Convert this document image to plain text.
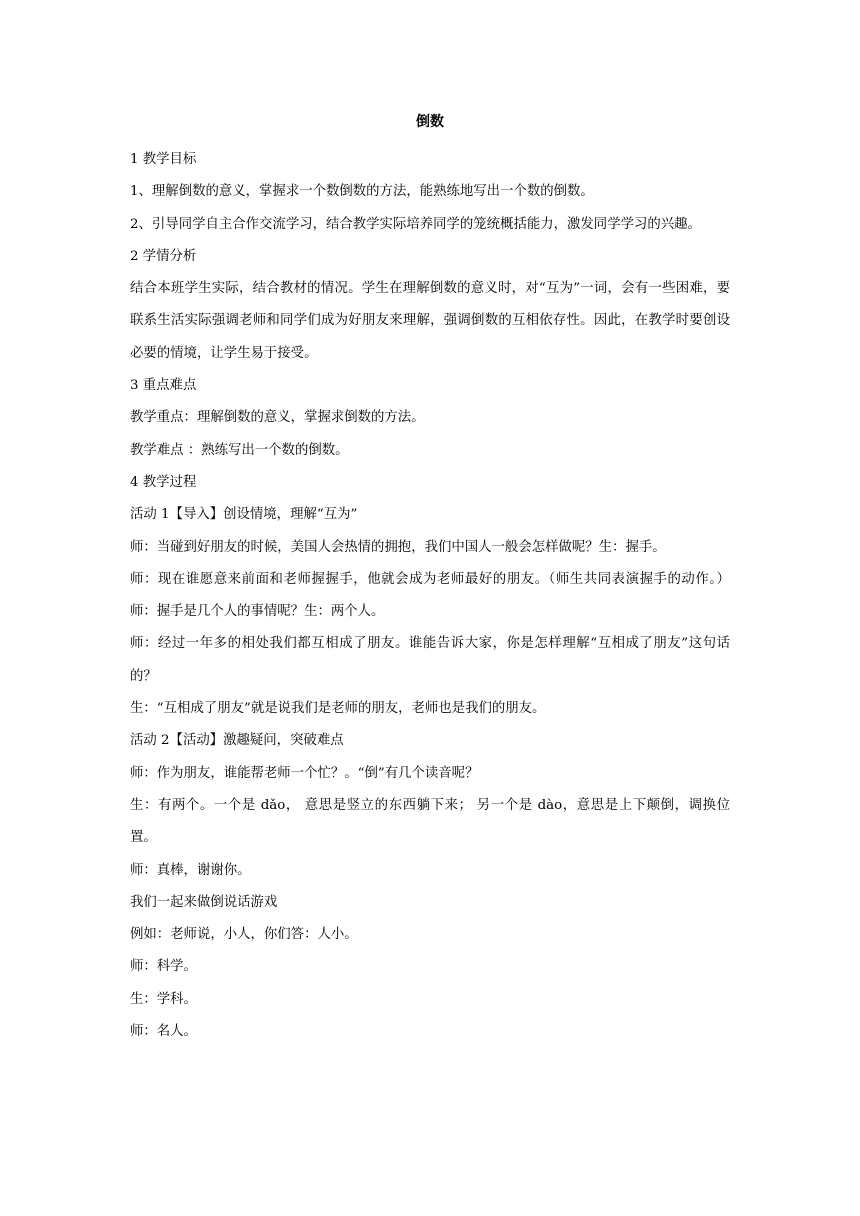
倒数

1 教学目标

1、理解倒数的意义，掌握求一个数倒数的方法，能熟练地写出一个数的倒数。

2、引导同学自主合作交流学习，结合教学实际培养同学的笼统概括能力，激发同学学习的兴趣。

2 学情分析

结合本班学生实际，结合教材的情况。学生在理解倒数的意义时，对“互为”一词，会有一些困难，要联系生活实际强调老师和同学们成为好朋友来理解，强调倒数的互相依存性。因此，在教学时要创设必要的情境，让学生易于接受。

3 重点难点

教学重点：理解倒数的意义，掌握求倒数的方法。

教学难点 ：熟练写出一个数的倒数。

4 教学过程

活动 1【导入】创设情境，理解“互为”

师：当碰到好朋友的时候，美国人会热情的拥抱，我们中国人一般会怎样做呢？生：握手。

师：现在谁愿意来前面和老师握握手，他就会成为老师最好的朋友。（师生共同表演握手的动作。）师：握手是几个人的事情呢？生：两个人。

师：经过一年多的相处我们都互相成了朋友。谁能告诉大家，你是怎样理解“互相成了朋友”这句话的？

生：“互相成了朋友”就是说我们是老师的朋友，老师也是我们的朋友。

活动 2【活动】激趣疑问，突破难点

师：作为朋友，谁能帮老师一个忙？。“倒”有几个读音呢？

生：有两个。一个是 dǎo， 意思是竖立的东西躺下来； 另一个是 dào，意思是上下颠倒，调换位置。

师：真棒，谢谢你。

我们一起来做倒说话游戏

例如：老师说，小人，你们答：人小。

师：科学。

生：学科。

师：名人。
